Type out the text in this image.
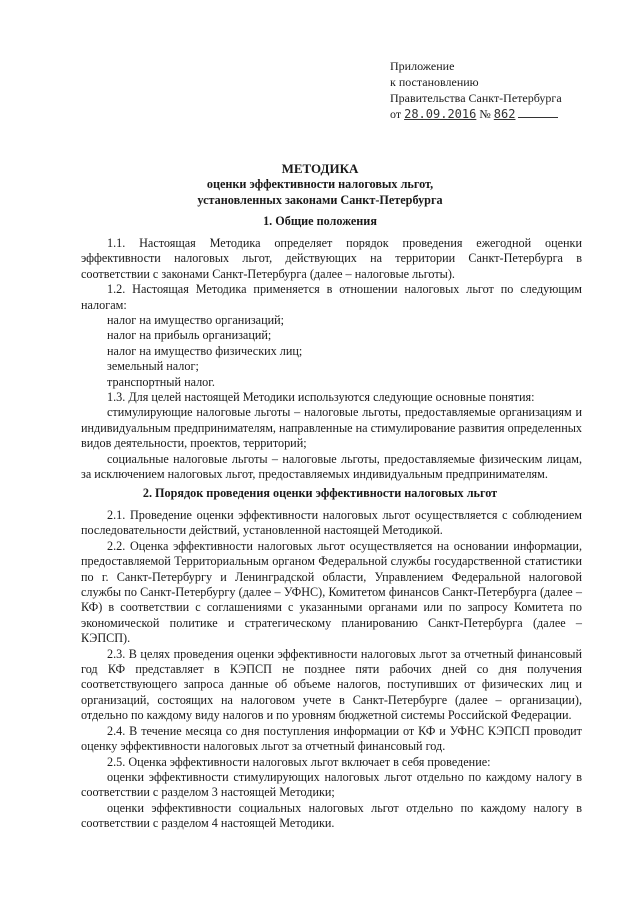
Приложение
к постановлению
Правительства Санкт-Петербурга
от 28.09.2016 № 862
МЕТОДИКА
оценки эффективности налоговых льгот,
установленных законами Санкт-Петербурга
1. Общие положения

1.1. Настоящая Методика определяет порядок проведения ежегодной оценки эффективности налоговых льгот, действующих на территории Санкт-Петербурга в соответствии с законами Санкт-Петербурга (далее – налоговые льготы).

1.2. Настоящая Методика применяется в отношении налоговых льгот по следующим налогам:

налог на имущество организаций;

налог на прибыль организаций;

налог на имущество физических лиц;

земельный налог;

транспортный налог.

1.3. Для целей настоящей Методики используются следующие основные понятия:

стимулирующие налоговые льготы – налоговые льготы, предоставляемые организациям и индивидуальным предпринимателям, направленные на стимулирование развития определенных видов деятельности, проектов, территорий;

социальные налоговые льготы – налоговые льготы, предоставляемые физическим лицам, за исключением налоговых льгот, предоставляемых индивидуальным предпринимателям.

2. Порядок проведения оценки эффективности налоговых льгот

2.1. Проведение оценки эффективности налоговых льгот осуществляется с соблюдением последовательности действий, установленной настоящей Методикой.

2.2. Оценка эффективности налоговых льгот осуществляется на основании информации, предоставляемой Территориальным органом Федеральной службы государственной статистики по г. Санкт-Петербургу и Ленинградской области, Управлением Федеральной налоговой службы по Санкт-Петербургу (далее – УФНС), Комитетом финансов Санкт-Петербурга (далее – КФ) в соответствии с соглашениями с указанными органами или по запросу Комитета по экономической политике и стратегическому планированию Санкт-Петербурга (далее – КЭПСП).

2.3. В целях проведения оценки эффективности налоговых льгот за отчетный финансовый год КФ представляет в КЭПСП не позднее пяти рабочих дней со дня получения соответствующего запроса данные об объеме налогов, поступивших от физических лиц и организаций, состоящих на налоговом учете в Санкт-Петербурге (далее – организации), отдельно по каждому виду налогов и по уровням бюджетной системы Российской Федерации.

2.4. В течение месяца со дня поступления информации от КФ и УФНС КЭПСП проводит оценку эффективности налоговых льгот за отчетный финансовый год.

2.5. Оценка эффективности налоговых льгот включает в себя проведение:

оценки эффективности стимулирующих налоговых льгот отдельно по каждому налогу в соответствии с разделом 3 настоящей Методики;

оценки эффективности социальных налоговых льгот отдельно по каждому налогу в соответствии с разделом 4 настоящей Методики.
